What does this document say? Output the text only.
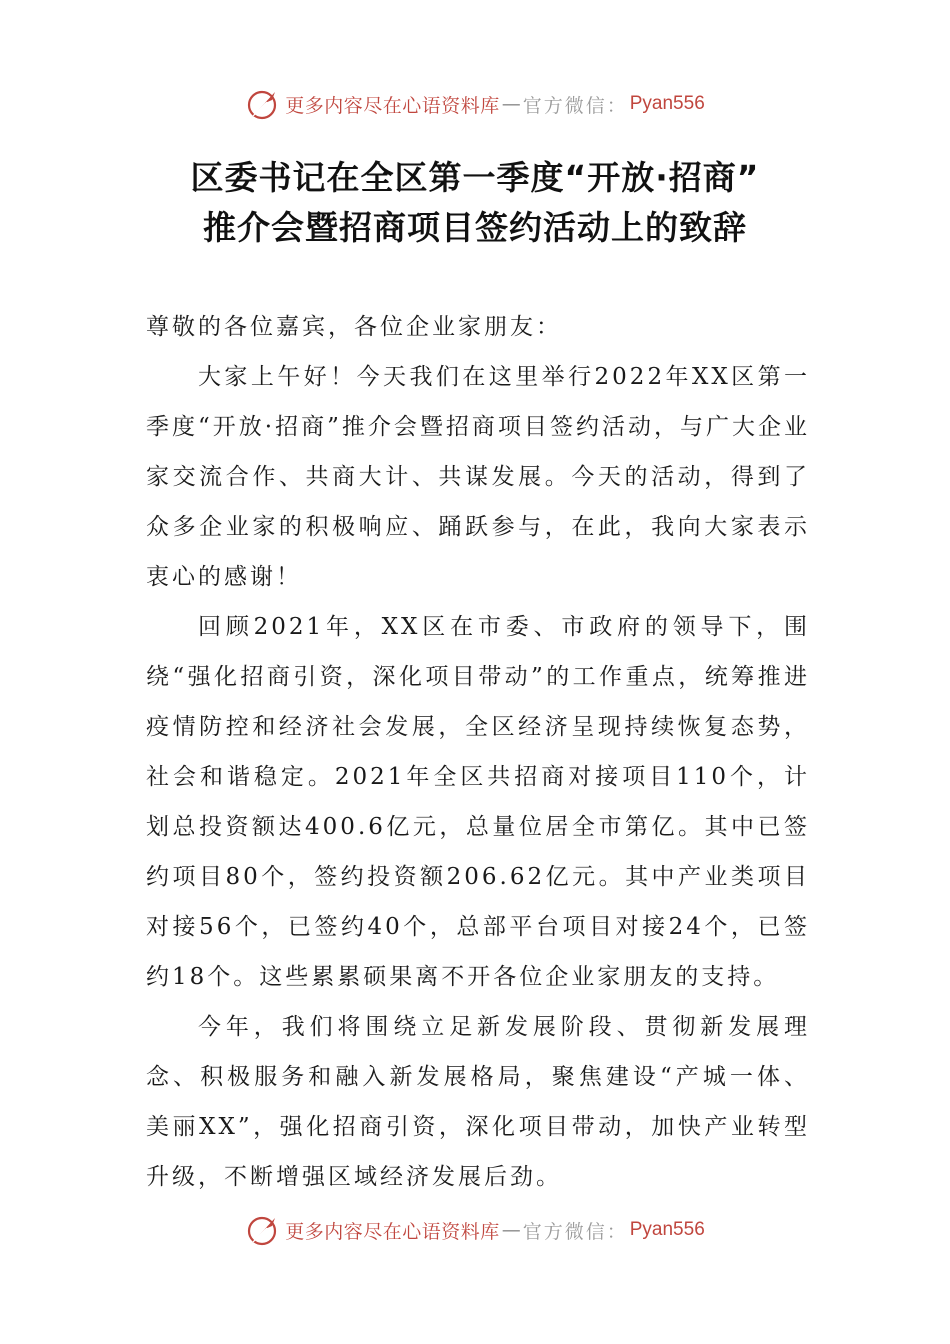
更多内容尽在心语资料库 — 官方微信： Pyan556
区委书记在全区第一季度“开放·招商”
推介会暨招商项目签约活动上的致辞

尊敬的各位嘉宾，各位企业家朋友：

大家上午好！今天我们在这里举行2022年XX区第一季度“开放·招商”推介会暨招商项目签约活动，与广大企业家交流合作、共商大计、共谋发展。今天的活动，得到了众多企业家的积极响应、踊跃参与，在此，我向大家表示衷心的感谢！

回顾2021年，XX区在市委、市政府的领导下，围绕“强化招商引资，深化项目带动”的工作重点，统筹推进疫情防控和经济社会发展，全区经济呈现持续恢复态势，社会和谐稳定。2021年全区共招商对接项目110个，计划总投资额达400.6亿元，总量位居全市第亿。其中已签约项目80个，签约投资额206.62亿元。其中产业类项目对接56个，已签约40个，总部平台项目对接24个，已签约18个。这些累累硕果离不开各位企业家朋友的支持。

今年，我们将围绕立足新发展阶段、贯彻新发展理念、积极服务和融入新发展格局，聚焦建设“产城一体、美丽XX”，强化招商引资，深化项目带动，加快产业转型升级，不断增强区域经济发展后劲。

更多内容尽在心语资料库 — 官方微信： Pyan556
